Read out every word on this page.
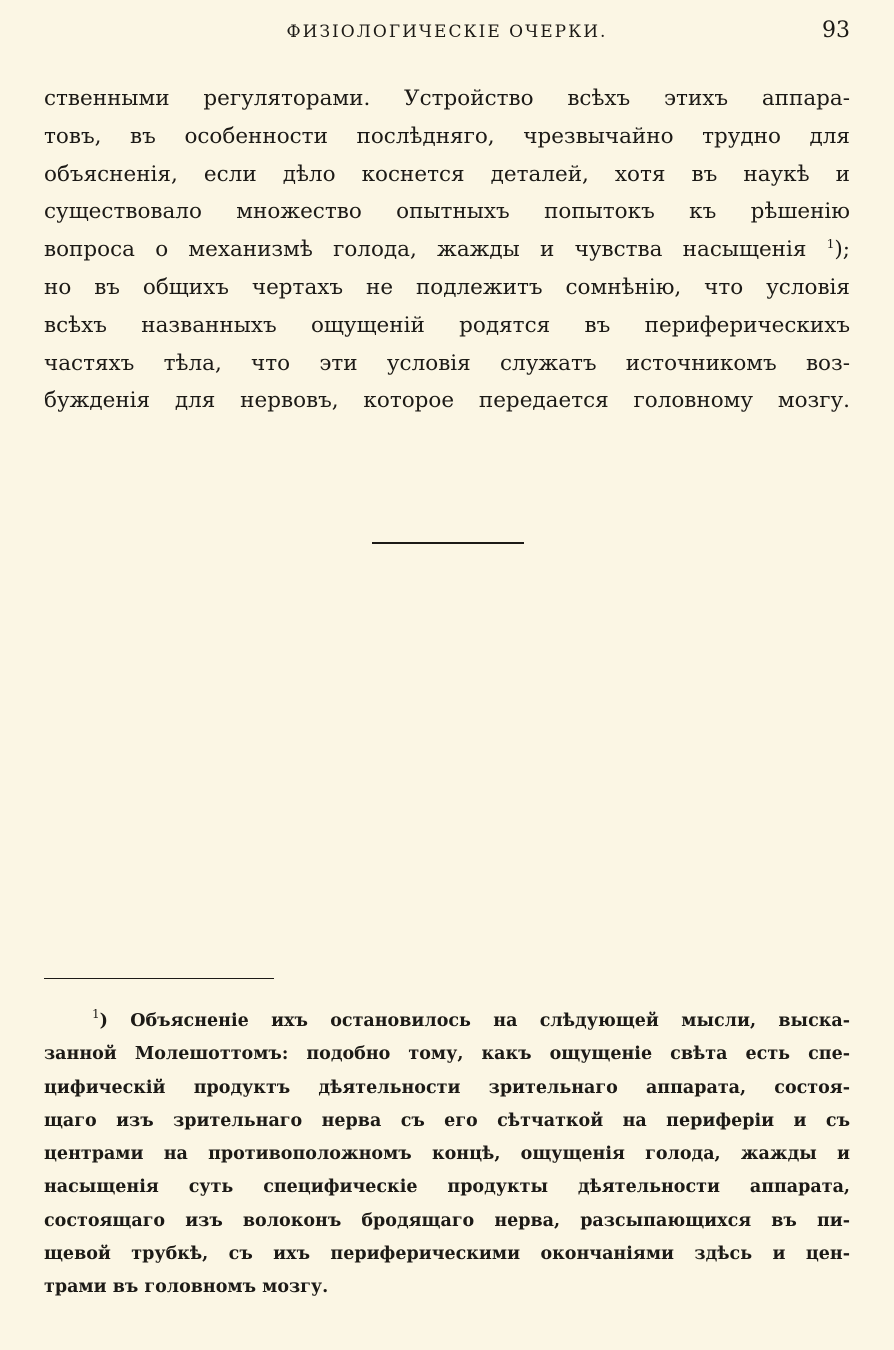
ФИЗIОЛОГИЧЕСКIЕ ОЧЕРКИ.	93
ственными регуляторами. Устройство всѣхъ этихъ аппара-
товъ, въ особенности послѣдняго, чрезвычайно трудно для
объясненія, если дѣло коснется деталей, хотя въ наукѣ и
существовало множество опытныхъ попытокъ къ рѣшенію
вопроса о механизмѣ голода, жажды и чувства насыщенія $^1$);
но въ общихъ чертахъ не подлежитъ сомнѣнію, что условія
всѣхъ названныхъ ощущеній родятся въ периферическихъ
частяхъ тѣла, что эти условія служатъ источникомъ воз-
бужденія для нервовъ, которое передается головному мозгу.
$^1$) Объясненіе ихъ остановилось на слѣдующей мысли, выска-
занной Молешоттомъ: подобно тому, какъ ощущеніе свѣта есть спе-
цифическій продуктъ дѣятельности зрительнаго аппарата, состоя-
щаго изъ зрительнаго нерва съ его сѣтчаткой на периферіи и съ
центрами на противоположномъ концѣ, ощущенія голода, жажды и
насыщенія суть специфическіе продукты дѣятельности аппарата,
состоящаго изъ волоконъ бродящаго нерва, разсыпающихся въ пи-
щевой трубкѣ, съ ихъ периферическими окончаніями здѣсь и цен-
трами въ головномъ мозгу.
